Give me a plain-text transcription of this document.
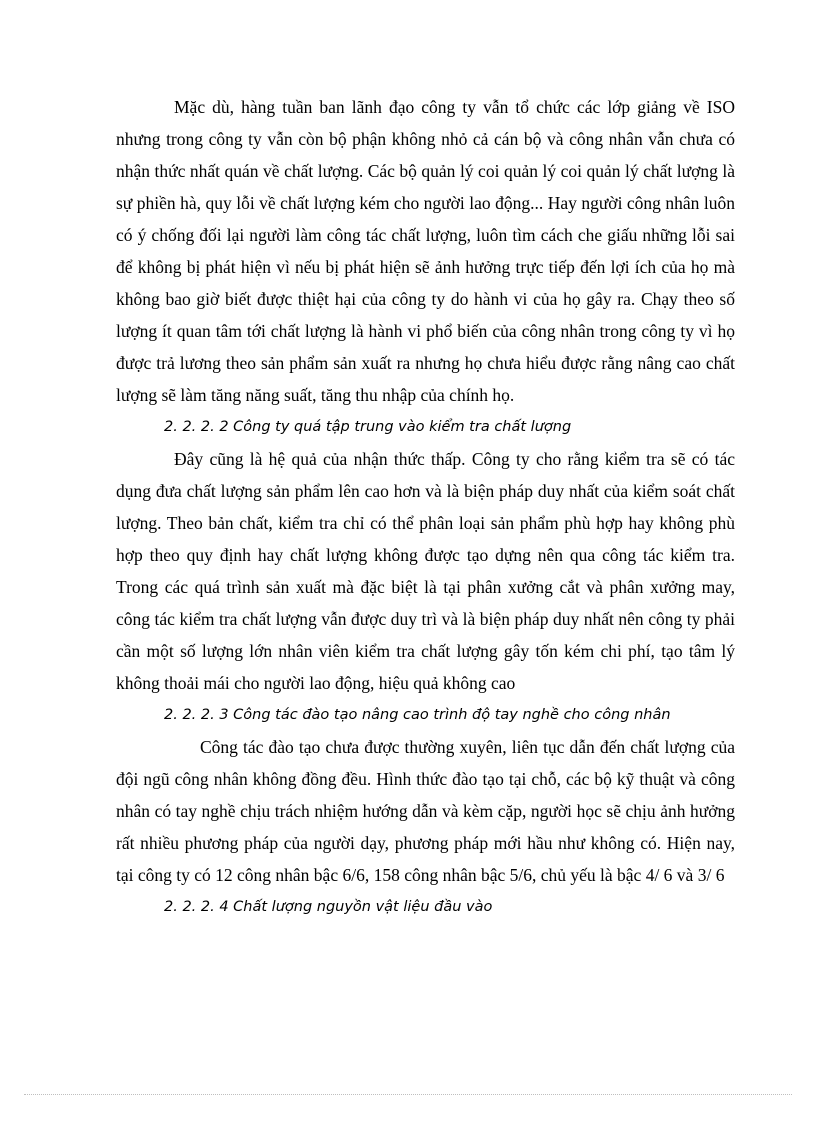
Mặc dù, hàng tuần ban lãnh đạo công ty vẫn tổ chức các lớp giảng về ISO nhưng trong công ty vẫn còn bộ phận không nhỏ cả cán bộ và công nhân vẫn chưa có nhận thức nhất quán về chất lượng. Các bộ quản lý coi quản lý coi quản lý chất lượng là sự phiền hà, quy lỗi về chất lượng kém cho người lao động... Hay người công nhân luôn có ý chống đối lại người làm công tác chất lượng, luôn tìm cách che giấu những lỗi sai để không bị phát hiện vì nếu bị phát hiện sẽ ảnh hưởng trực tiếp đến lợi ích của họ mà không bao giờ biết được thiệt hại của công ty do hành vi của họ gây ra. Chạy theo số lượng ít quan tâm tới chất lượng là hành vi phổ biến của công nhân trong công ty vì họ được trả lương theo sản phẩm sản xuất ra nhưng họ chưa hiểu được rằng nâng cao chất lượng sẽ làm tăng năng suất, tăng thu nhập của chính họ.

2. 2. 2. 2 Công ty quá tập trung vào kiểm tra chất lượng

Đây cũng là hệ quả của nhận thức thấp. Công ty cho rằng kiểm tra sẽ có tác dụng đưa chất lượng sản phẩm lên cao hơn và là biện pháp duy nhất của kiểm soát chất lượng. Theo bản chất, kiểm tra chỉ có thể phân loại sản phẩm phù hợp hay không phù hợp theo quy định hay chất lượng không được tạo dựng nên qua công tác kiểm tra. Trong các quá trình sản xuất mà đặc biệt là tại phân xưởng cắt và phân xưởng may, công tác kiểm tra chất lượng vẫn được duy trì và là biện pháp duy nhất nên công ty phải cần một số lượng lớn nhân viên kiểm tra chất lượng gây tốn kém chi phí, tạo tâm lý không thoải mái cho người lao động, hiệu quả không cao

2. 2. 2. 3 Công tác đào tạo nâng cao trình độ tay nghề cho công nhân

Công tác đào tạo chưa được thường xuyên, liên tục dẫn đến chất lượng của đội ngũ công nhân không đồng đều. Hình thức đào tạo tại chỗ, các bộ kỹ thuật và công nhân có tay nghề chịu trách nhiệm hướng dẫn và kèm cặp, người học sẽ chịu ảnh hưởng rất nhiều phương pháp của người dạy, phương pháp mới hầu như không có. Hiện nay, tại công ty có 12 công nhân bậc 6/6, 158 công nhân bậc 5/6, chủ yếu là bậc 4/ 6 và 3/ 6

2. 2. 2. 4 Chất lượng nguyồn vật liệu đầu vào
